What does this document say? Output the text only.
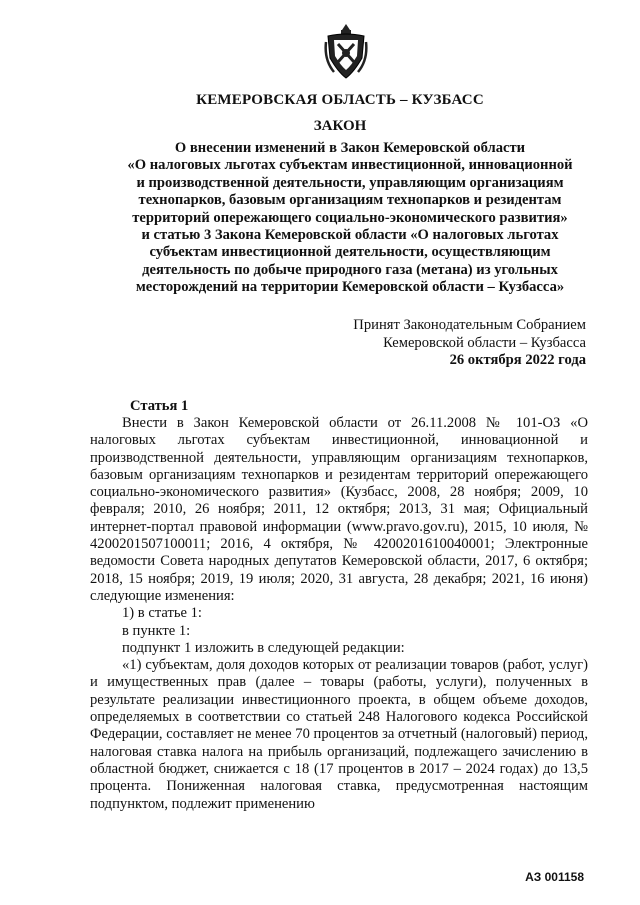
КЕМЕРОВСКАЯ ОБЛАСТЬ – КУЗБАСС
ЗАКОН
О внесении изменений в Закон Кемеровской области
«О налоговых льготах субъектам инвестиционной, инновационной
и производственной деятельности, управляющим организациям
технопарков, базовым организациям технопарков и резидентам
территорий опережающего социально-экономического развития»
и статью 3 Закона Кемеровской области «О налоговых льготах
субъектам инвестиционной деятельности, осуществляющим
деятельность по добыче природного газа (метана) из угольных
месторождений на территории Кемеровской области – Кузбасса»
Принят Законодательным Собранием
Кемеровской области – Кузбасса
26 октября 2022 года
Статья 1

Внести в Закон Кемеровской области от 26.11.2008 № 101-ОЗ «О налоговых льготах субъектам инвестиционной, инновационной и производственной деятельности, управляющим организациям технопарков, базовым организациям технопарков и резидентам территорий опережающего социально-экономического развития» (Кузбасс, 2008, 28 ноября; 2009, 10 февраля; 2010, 26 ноября; 2011, 12 октября; 2013, 31 мая; Официальный интернет-портал правовой информации (www.pravo.gov.ru), 2015, 10 июля, № 4200201507100011; 2016, 4 октября, № 4200201610040001; Электронные ведомости Совета народных депутатов Кемеровской области, 2017, 6 октября; 2018, 15 ноября; 2019, 19 июля; 2020, 31 августа, 28 декабря; 2021, 16 июня) следующие изменения:

1) в статье 1:

в пункте 1:

подпункт 1 изложить в следующей редакции:

«1) субъектам, доля доходов которых от реализации товаров (работ, услуг) и имущественных прав (далее – товары (работы, услуги), полученных в результате реализации инвестиционного проекта, в общем объеме доходов, определяемых в соответствии со статьей 248 Налогового кодекса Российской Федерации, составляет не менее 70 процентов за отчетный (налоговый) период, налоговая ставка налога на прибыль организаций, подлежащего зачислению в областной бюджет, снижается с 18 (17 процентов в 2017 – 2024 годах) до 13,5 процента. Пониженная налоговая ставка, предусмотренная настоящим подпунктом, подлежит применению

АЗ 001158
